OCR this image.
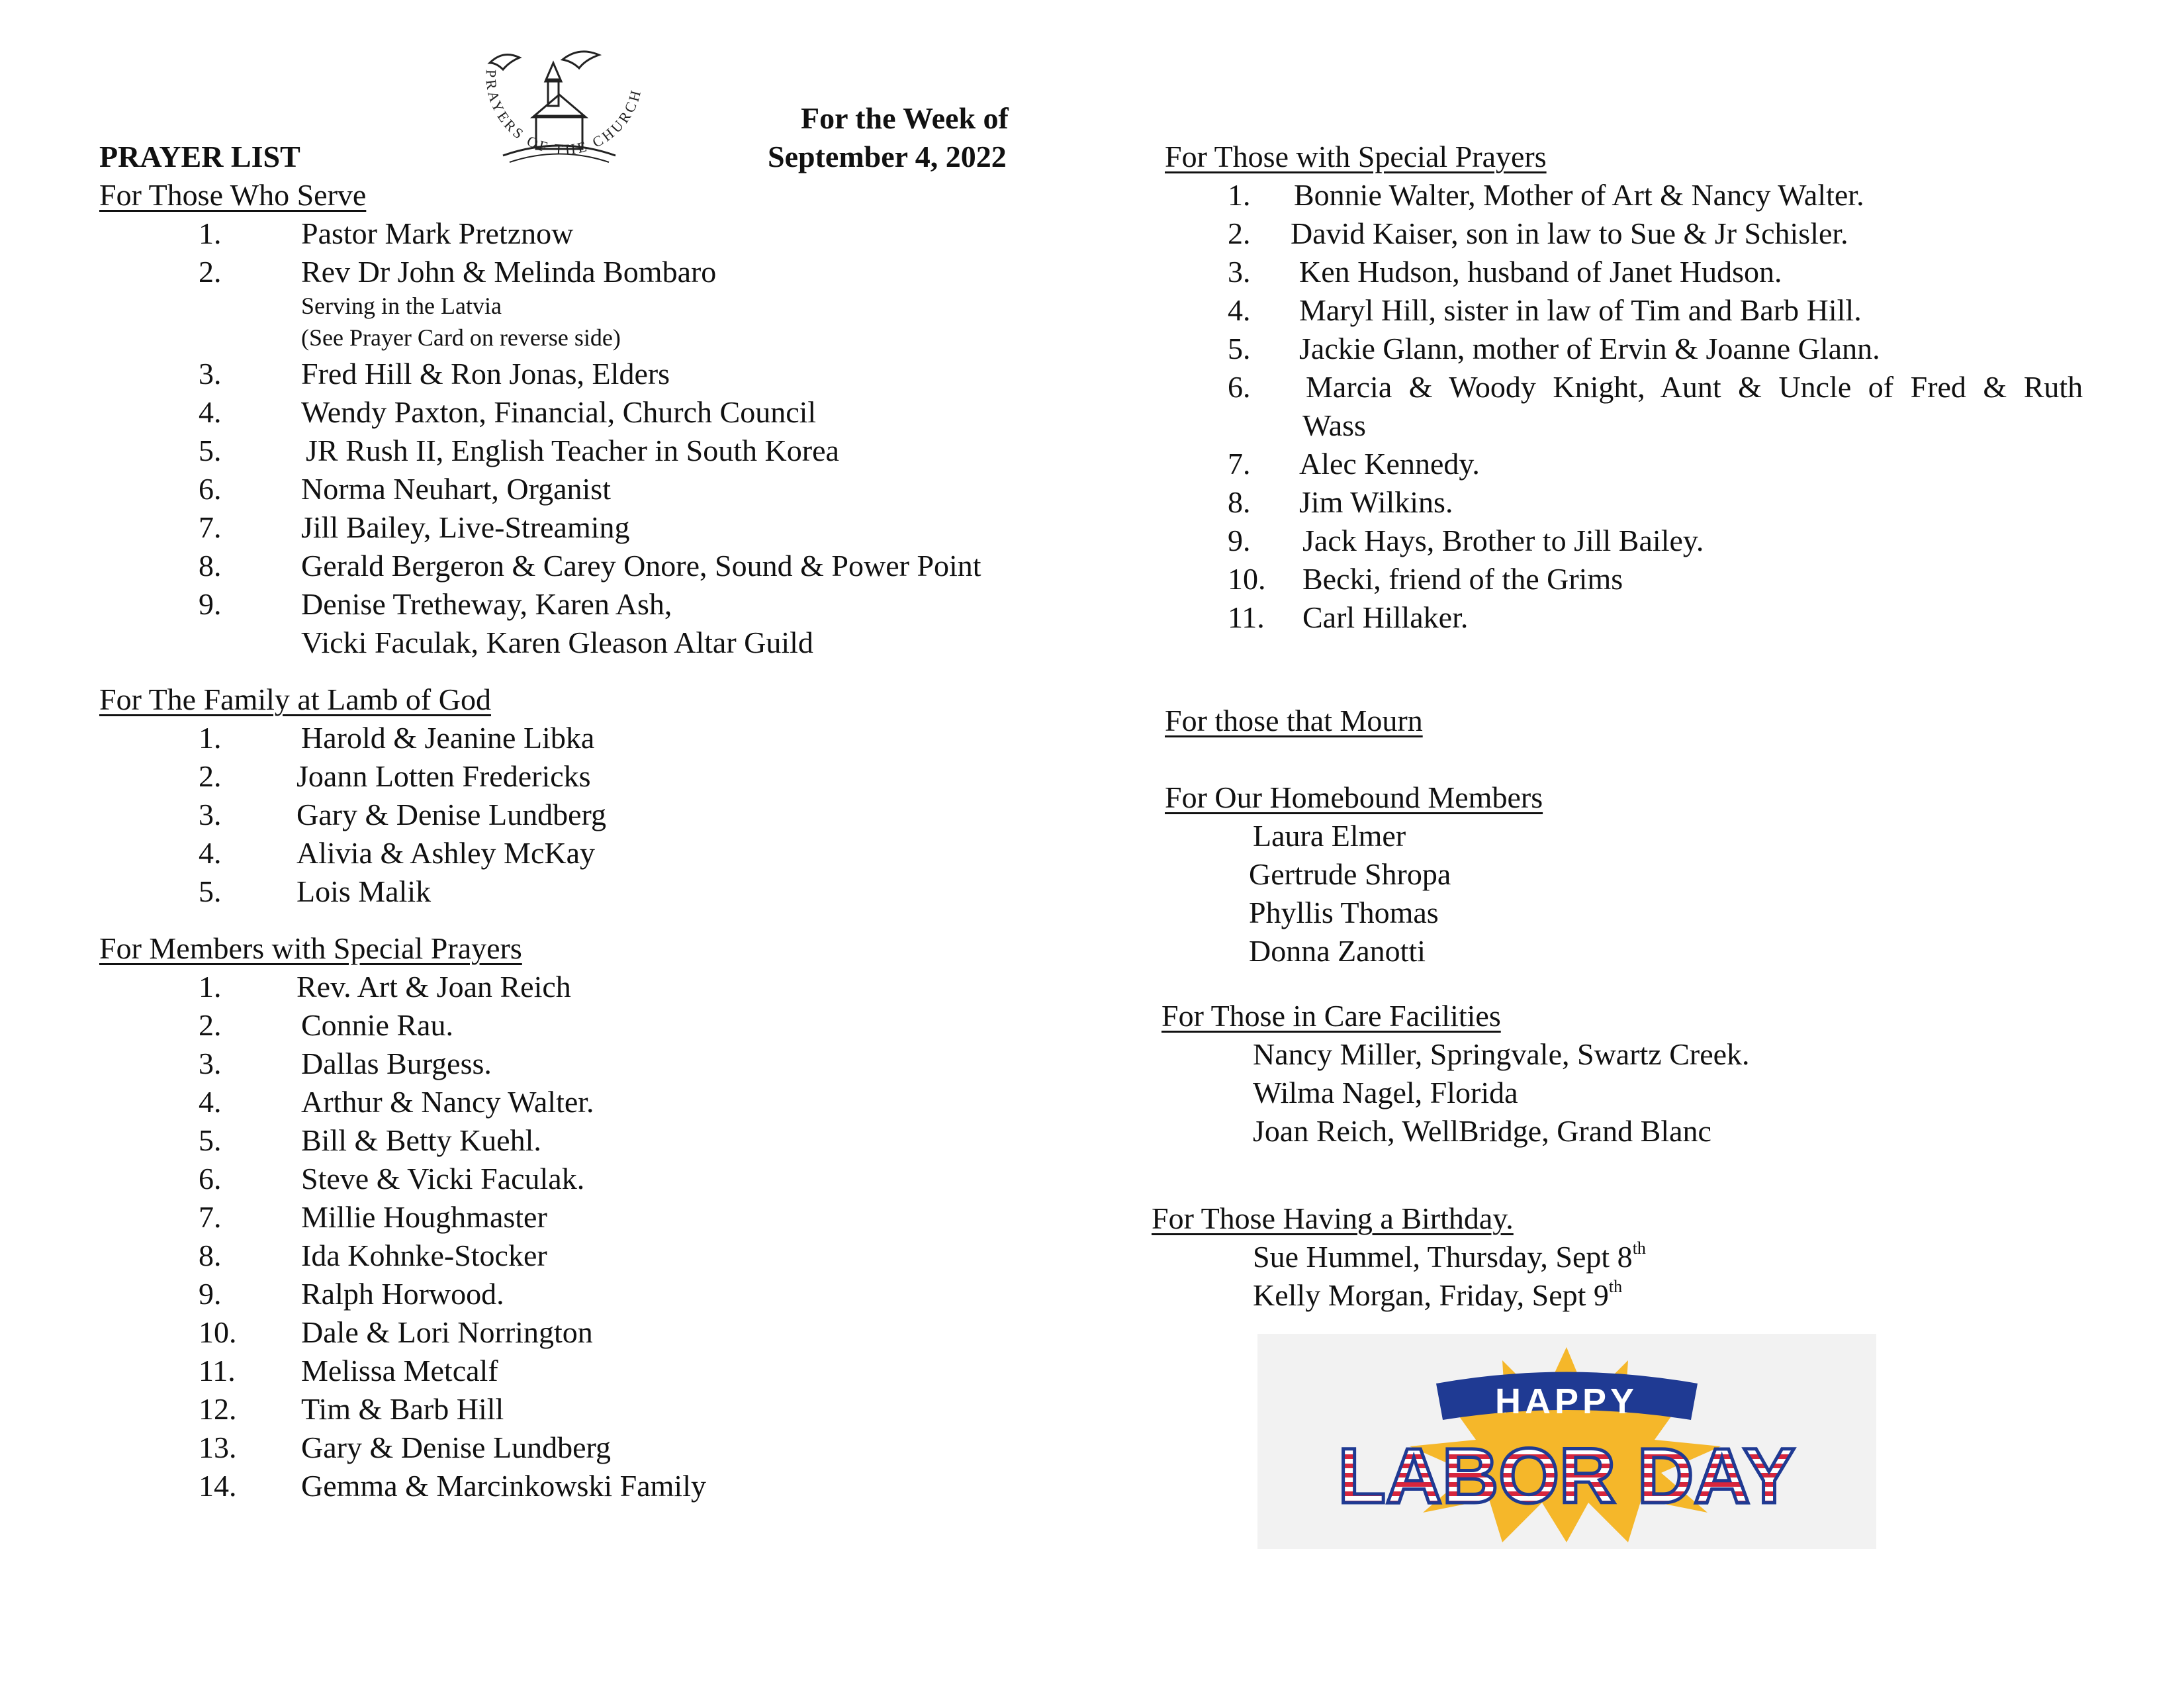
PRAYERS OF THE CHURCH
For the Week of
PRAYER LIST	September 4, 2022
For Those Who Serve
1.	Pastor Mark Pretznow
2.	Rev Dr John & Melinda Bombaro
Serving in the Latvia
(See Prayer Card on reverse side)
3.	Fred Hill & Ron Jonas, Elders
4.	Wendy Paxton, Financial, Church Council
5.	JR Rush II, English Teacher in South Korea
6.	Norma Neuhart, Organist
7.	Jill Bailey, Live-Streaming
8.	Gerald Bergeron & Carey Onore, Sound & Power Point
9.	Denise Tretheway, Karen Ash,
Vicki Faculak, Karen Gleason Altar Guild
For The Family at Lamb of God
1.	Harold & Jeanine Libka
2.	Joann Lotten Fredericks
3.	Gary & Denise Lundberg
4.	Alivia & Ashley McKay
5.	Lois Malik
For Members with Special Prayers
1.	Rev. Art & Joan Reich
2.	Connie Rau.
3.	Dallas Burgess.
4.	Arthur & Nancy Walter.
5.	Bill & Betty Kuehl.
6.	Steve & Vicki Faculak.
7.	Millie Houghmaster
8.	Ida Kohnke-Stocker
9.	Ralph Horwood.
10.	Dale & Lori Norrington
11.	Melissa Metcalf
12.	Tim & Barb Hill
13.	Gary & Denise Lundberg
14.	Gemma & Marcinkowski Family
For Those with Special Prayers
1.	Bonnie Walter, Mother of Art & Nancy Walter.
2.	David Kaiser, son in law to Sue & Jr Schisler.
3.	Ken Hudson, husband of Janet Hudson.
4.	Maryl Hill, sister in law of Tim and Barb Hill.
5.	Jackie Glann, mother of Ervin & Joanne Glann.
6.	Marcia & Woody Knight, Aunt & Uncle of Fred & Ruth
Wass
7.	Alec Kennedy.
8.	Jim Wilkins.
9.	Jack Hays, Brother to Jill Bailey.
10.	Becki, friend of the Grims
11.	Carl Hillaker.
For those that Mourn
For Our Homebound Members
Laura Elmer
Gertrude Shropa
Phyllis Thomas
Donna Zanotti
For Those in Care Facilities
Nancy Miller, Springvale, Swartz Creek.
Wilma Nagel, Florida
Joan Reich, WellBridge, Grand Blanc
For Those Having a Birthday.
Sue Hummel, Thursday, Sept 8th
Kelly Morgan, Friday, Sept 9th
HAPPY
LABOR DAY
